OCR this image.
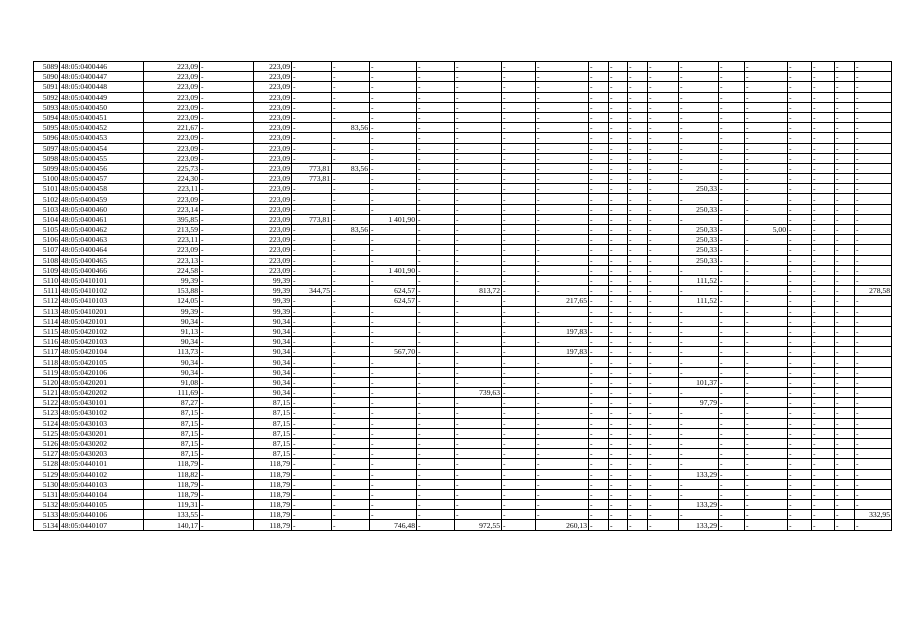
5089	48:05:0400446	223,09	-	223,09	-	-	-	-	-	-	-	-	-	-	-	-	-	-	-	-	-	-
5090	48:05:0400447	223,09	-	223,09	-	-	-	-	-	-	-	-	-	-	-	-	-	-	-	-	-	-
5091	48:05:0400448	223,09	-	223,09	-	-	-	-	-	-	-	-	-	-	-	-	-	-	-	-	-	-
5092	48:05:0400449	223,09	-	223,09	-	-	-	-	-	-	-	-	-	-	-	-	-	-	-	-	-	-
5093	48:05:0400450	223,09	-	223,09	-	-	-	-	-	-	-	-	-	-	-	-	-	-	-	-	-	-
5094	48:05:0400451	223,09	-	223,09	-	-	-	-	-	-	-	-	-	-	-	-	-	-	-	-	-	-
5095	48:05:0400452	221,67	-	223,09	-	83,56	-	-	-	-	-	-	-	-	-	-	-	-	-	-	-	-
5096	48:05:0400453	223,09	-	223,09	-	-	-	-	-	-	-	-	-	-	-	-	-	-	-	-	-	-
5097	48:05:0400454	223,09	-	223,09	-	-	-	-	-	-	-	-	-	-	-	-	-	-	-	-	-	-
5098	48:05:0400455	223,09	-	223,09	-	-	-	-	-	-	-	-	-	-	-	-	-	-	-	-	-	-
5099	48:05:0400456	225,73	-	223,09	773,81	83,56	-	-	-	-	-	-	-	-	-	-	-	-	-	-	-	-
5100	48:05:0400457	224,30	-	223,09	773,81	-	-	-	-	-	-	-	-	-	-	-	-	-	-	-	-	-
5101	48:05:0400458	223,11	-	223,09	-	-	-	-	-	-	-	-	-	-	-	250,33	-	-	-	-	-	-
5102	48:05:0400459	223,09	-	223,09	-	-	-	-	-	-	-	-	-	-	-	-	-	-	-	-	-	-
5103	48:05:0400460	223,14	-	223,09	-	-	-	-	-	-	-	-	-	-	-	250,33	-	-	-	-	-	-
5104	48:05:0400461	395,85	-	223,09	773,81	-	1 401,90	-	-	-	-	-	-	-	-	-	-	-	-	-	-	-
5105	48:05:0400462	213,59	-	223,09	-	83,56	-	-	-	-	-	-	-	-	-	250,33	-	5,00	-	-	-	-
5106	48:05:0400463	223,11	-	223,09	-	-	-	-	-	-	-	-	-	-	-	250,33	-	-	-	-	-	-
5107	48:05:0400464	223,09	-	223,09	-	-	-	-	-	-	-	-	-	-	-	250,33	-	-	-	-	-	-
5108	48:05:0400465	223,13	-	223,09	-	-	-	-	-	-	-	-	-	-	-	250,33	-	-	-	-	-	-
5109	48:05:0400466	224,58	-	223,09	-	-	1 401,90	-	-	-	-	-	-	-	-	-	-	-	-	-	-	-
5110	48:05:0410101	99,39	-	99,39	-	-	-	-	-	-	-	-	-	-	-	111,52	-	-	-	-	-	-
5111	48:05:0410102	153,88	-	99,39	344,75	-	624,57	-	813,72	-	-	-	-	-	-	-	-	-	-	-	-	278,58
5112	48:05:0410103	124,05	-	99,39	-	-	624,57	-	-	-	217,65	-	-	-	-	111,52	-	-	-	-	-	-
5113	48:05:0410201	99,39	-	99,39	-	-	-	-	-	-	-	-	-	-	-	-	-	-	-	-	-	-
5114	48:05:0420101	90,34	-	90,34	-	-	-	-	-	-	-	-	-	-	-	-	-	-	-	-	-	-
5115	48:05:0420102	91,13	-	90,34	-	-	-	-	-	-	197,83	-	-	-	-	-	-	-	-	-	-	-
5116	48:05:0420103	90,34	-	90,34	-	-	-	-	-	-	-	-	-	-	-	-	-	-	-	-	-	-
5117	48:05:0420104	113,73	-	90,34	-	-	567,70	-	-	-	197,83	-	-	-	-	-	-	-	-	-	-	-
5118	48:05:0420105	90,34	-	90,34	-	-	-	-	-	-	-	-	-	-	-	-	-	-	-	-	-	-
5119	48:05:0420106	90,34	-	90,34	-	-	-	-	-	-	-	-	-	-	-	-	-	-	-	-	-	-
5120	48:05:0420201	91,08	-	90,34	-	-	-	-	-	-	-	-	-	-	-	101,37	-	-	-	-	-	-
5121	48:05:0420202	111,69	-	90,34	-	-	-	-	739,63	-	-	-	-	-	-	-	-	-	-	-	-	-
5122	48:05:0430101	87,27	-	87,15	-	-	-	-	-	-	-	-	-	-	-	97,79	-	-	-	-	-	-
5123	48:05:0430102	87,15	-	87,15	-	-	-	-	-	-	-	-	-	-	-	-	-	-	-	-	-	-
5124	48:05:0430103	87,15	-	87,15	-	-	-	-	-	-	-	-	-	-	-	-	-	-	-	-	-	-
5125	48:05:0430201	87,15	-	87,15	-	-	-	-	-	-	-	-	-	-	-	-	-	-	-	-	-	-
5126	48:05:0430202	87,15	-	87,15	-	-	-	-	-	-	-	-	-	-	-	-	-	-	-	-	-	-
5127	48:05:0430203	87,15	-	87,15	-	-	-	-	-	-	-	-	-	-	-	-	-	-	-	-	-	-
5128	48:05:0440101	118,79	-	118,79	-	-	-	-	-	-	-	-	-	-	-	-	-	-	-	-	-	-
5129	48:05:0440102	118,82	-	118,79	-	-	-	-	-	-	-	-	-	-	-	133,29	-	-	-	-	-	-
5130	48:05:0440103	118,79	-	118,79	-	-	-	-	-	-	-	-	-	-	-	-	-	-	-	-	-	-
5131	48:05:0440104	118,79	-	118,79	-	-	-	-	-	-	-	-	-	-	-	-	-	-	-	-	-	-
5132	48:05:0440105	119,31	-	118,79	-	-	-	-	-	-	-	-	-	-	-	133,29	-	-	-	-	-	-
5133	48:05:0440106	133,55	-	118,79	-	-	-	-	-	-	-	-	-	-	-	-	-	-	-	-	-	332,95
5134	48:05:0440107	140,17	-	118,79	-	-	746,48	-	972,55	-	260,13	-	-	-	-	133,29	-	-	-	-	-	-
